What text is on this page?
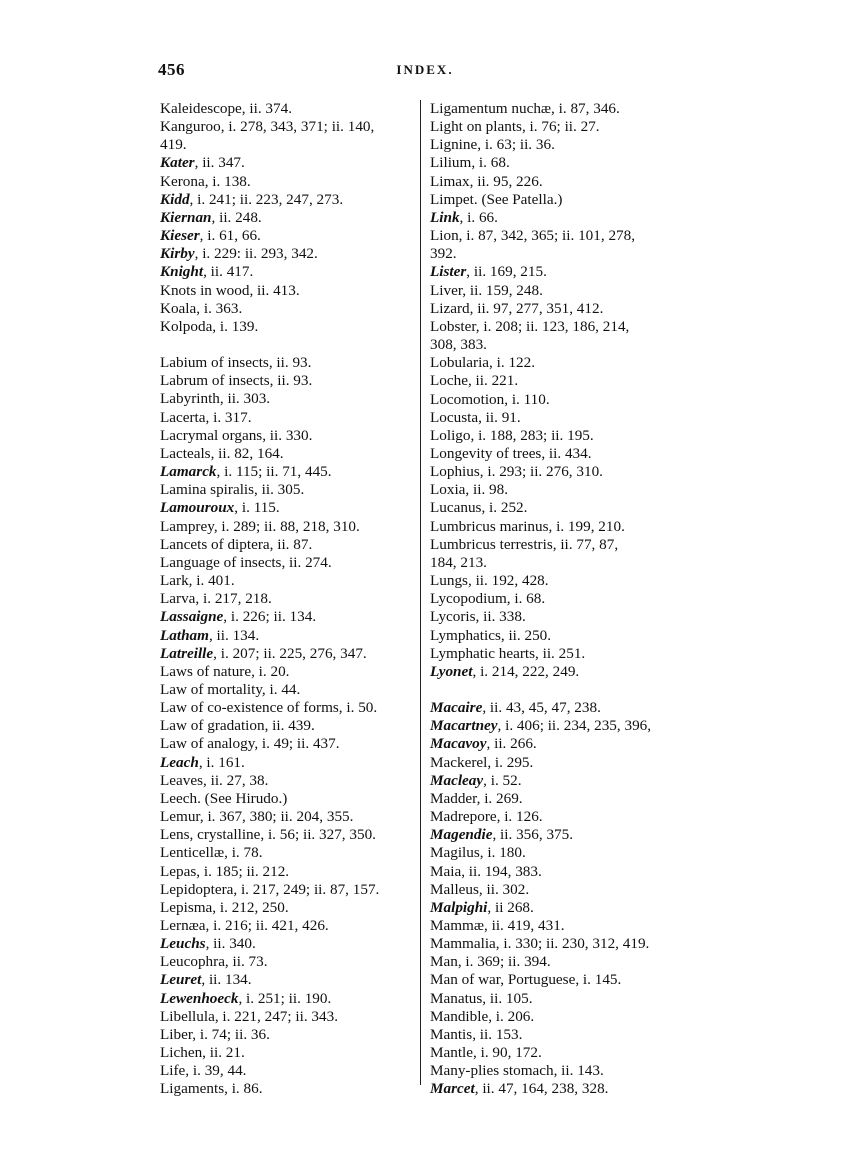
456	INDEX.

Kaleidescope, ii. 374.

Kanguroo, i. 278, 343, 371; ii. 140,

419.

Kater, ii. 347.

Kerona, i. 138.

Kidd, i. 241; ii. 223, 247, 273.

Kiernan, ii. 248.

Kieser, i. 61, 66.

Kirby, i. 229: ii. 293, 342.

Knight, ii. 417.

Knots in wood, ii. 413.

Koala, i. 363.

Kolpoda, i. 139.

Labium of insects, ii. 93.

Labrum of insects, ii. 93.

Labyrinth, ii. 303.

Lacerta, i. 317.

Lacrymal organs, ii. 330.

Lacteals, ii. 82, 164.

Lamarck, i. 115; ii. 71, 445.

Lamina spiralis, ii. 305.

Lamouroux, i. 115.

Lamprey, i. 289; ii. 88, 218, 310.

Lancets of diptera, ii. 87.

Language of insects, ii. 274.

Lark, i. 401.

Larva, i. 217, 218.

Lassaigne, i. 226; ii. 134.

Latham, ii. 134.

Latreille, i. 207; ii. 225, 276, 347.

Laws of nature, i. 20.

Law of mortality, i. 44.

Law of co-existence of forms, i. 50.

Law of gradation, ii. 439.

Law of analogy, i. 49; ii. 437.

Leach, i. 161.

Leaves, ii. 27, 38.

Leech. (See Hirudo.)

Lemur, i. 367, 380; ii. 204, 355.

Lens, crystalline, i. 56; ii. 327, 350.

Lenticellæ, i. 78.

Lepas, i. 185; ii. 212.

Lepidoptera, i. 217, 249; ii. 87, 157.

Lepisma, i. 212, 250.

Lernæa, i. 216; ii. 421, 426.

Leuchs, ii. 340.

Leucophra, ii. 73.

Leuret, ii. 134.

Lewenhoeck, i. 251; ii. 190.

Libellula, i. 221, 247; ii. 343.

Liber, i. 74; ii. 36.

Lichen, ii. 21.

Life, i. 39, 44.

Ligaments, i. 86.

Ligamentum nuchæ, i. 87, 346.

Light on plants, i. 76; ii. 27.

Lignine, i. 63; ii. 36.

Lilium, i. 68.

Limax, ii. 95, 226.

Limpet. (See Patella.)

Link, i. 66.

Lion, i. 87, 342, 365; ii. 101, 278,

392.

Lister, ii. 169, 215.

Liver, ii. 159, 248.

Lizard, ii. 97, 277, 351, 412.

Lobster, i. 208; ii. 123, 186, 214,

308, 383.

Lobularia, i. 122.

Loche, ii. 221.

Locomotion, i. 110.

Locusta, ii. 91.

Loligo, i. 188, 283; ii. 195.

Longevity of trees, ii. 434.

Lophius, i. 293; ii. 276, 310.

Loxia, ii. 98.

Lucanus, i. 252.

Lumbricus marinus, i. 199, 210.

Lumbricus terrestris, ii. 77, 87,

184, 213.

Lungs, ii. 192, 428.

Lycopodium, i. 68.

Lycoris, ii. 338.

Lymphatics, ii. 250.

Lymphatic hearts, ii. 251.

Lyonet, i. 214, 222, 249.

Macaire, ii. 43, 45, 47, 238.

Macartney, i. 406; ii. 234, 235, 396,

Macavoy, ii. 266.

Mackerel, i. 295.

Macleay, i. 52.

Madder, i. 269.

Madrepore, i. 126.

Magendie, ii. 356, 375.

Magilus, i. 180.

Maia, ii. 194, 383.

Malleus, ii. 302.

Malpighi, ii 268.

Mammæ, ii. 419, 431.

Mammalia, i. 330; ii. 230, 312, 419.

Man, i. 369; ii. 394.

Man of war, Portuguese, i. 145.

Manatus, ii. 105.

Mandible, i. 206.

Mantis, ii. 153.

Mantle, i. 90, 172.

Many-plies stomach, ii. 143.

Marcet, ii. 47, 164, 238, 328.
